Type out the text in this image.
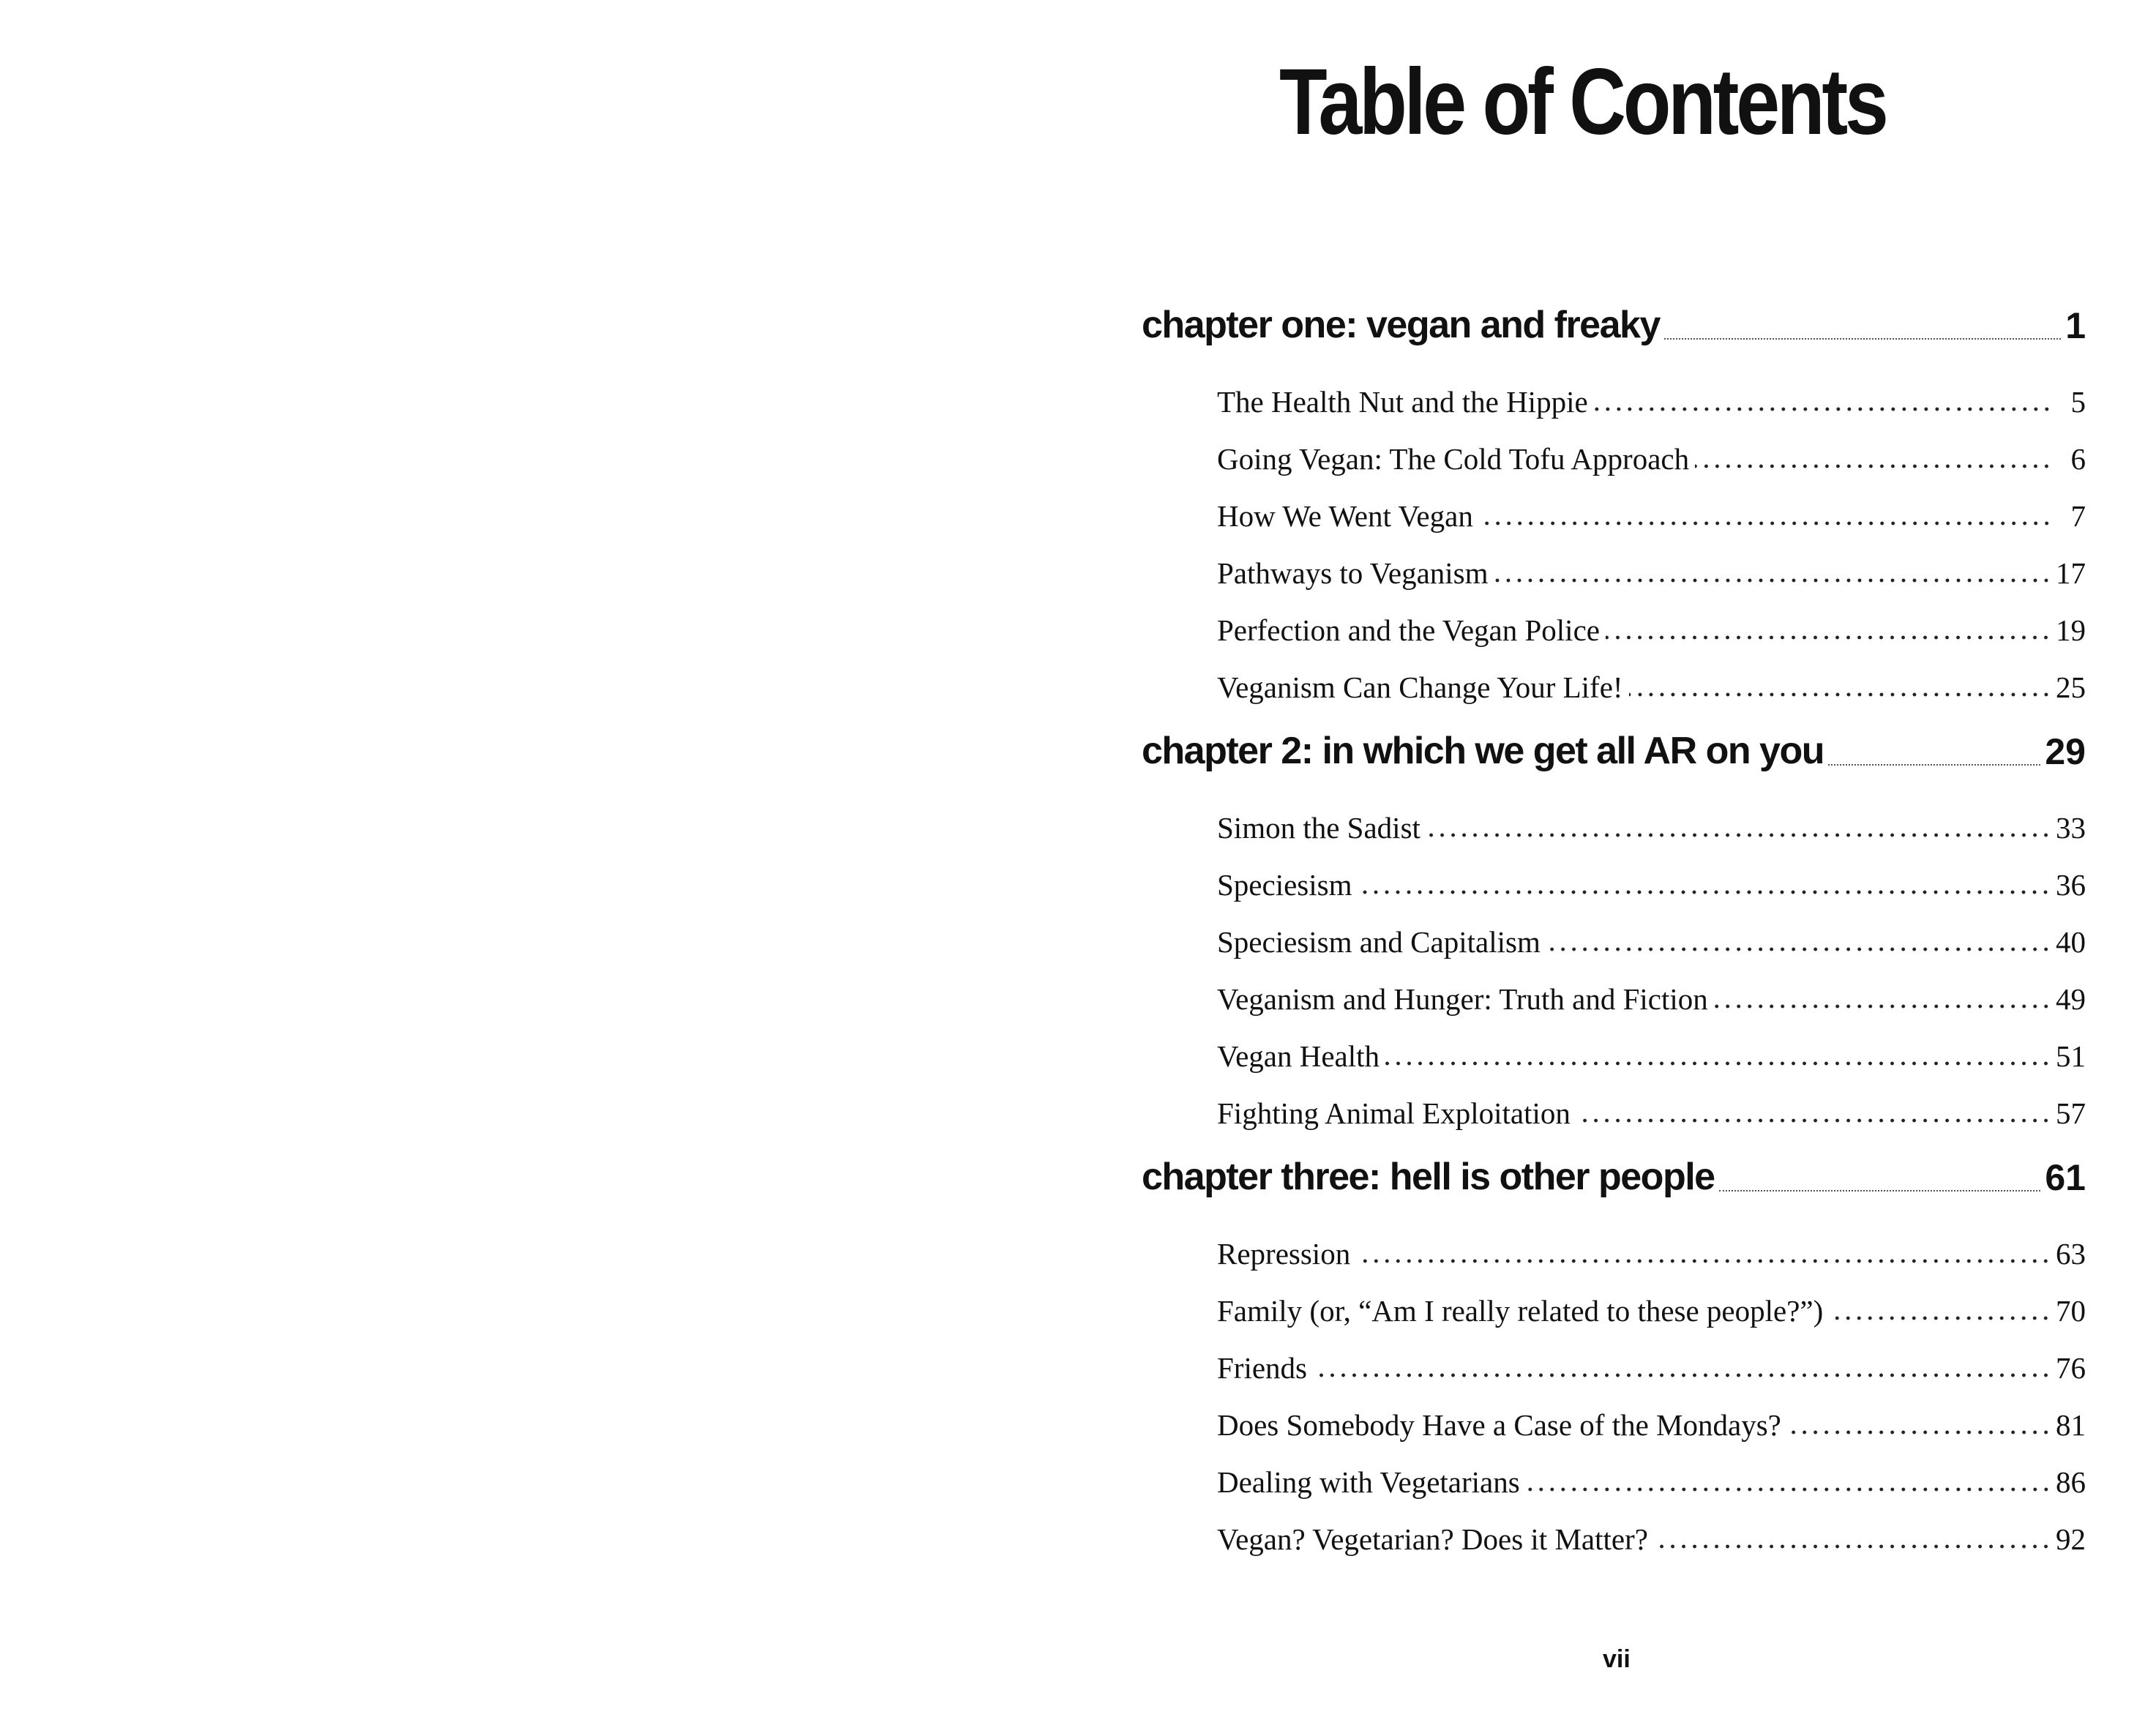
Table of Contents
chapter one: vegan and freaky	1
The Health Nut and the Hippie	5
Going Vegan: The Cold Tofu Approach	6
How We Went Vegan	7
Pathways to Veganism	17
Perfection and the Vegan Police	19
Veganism Can Change Your Life!	25
chapter 2: in which we get all AR on you	29
Simon the Sadist	33
Speciesism	36
Speciesism and Capitalism	40
Veganism and Hunger: Truth and Fiction	49
Vegan Health	51
Fighting Animal Exploitation	57
chapter three: hell is other people	61
Repression	63
Family (or, “Am I really related to these people?”)	70
Friends	76
Does Somebody Have a Case of the Mondays?	81
Dealing with Vegetarians	86
Vegan? Vegetarian? Does it Matter?	92
vii
